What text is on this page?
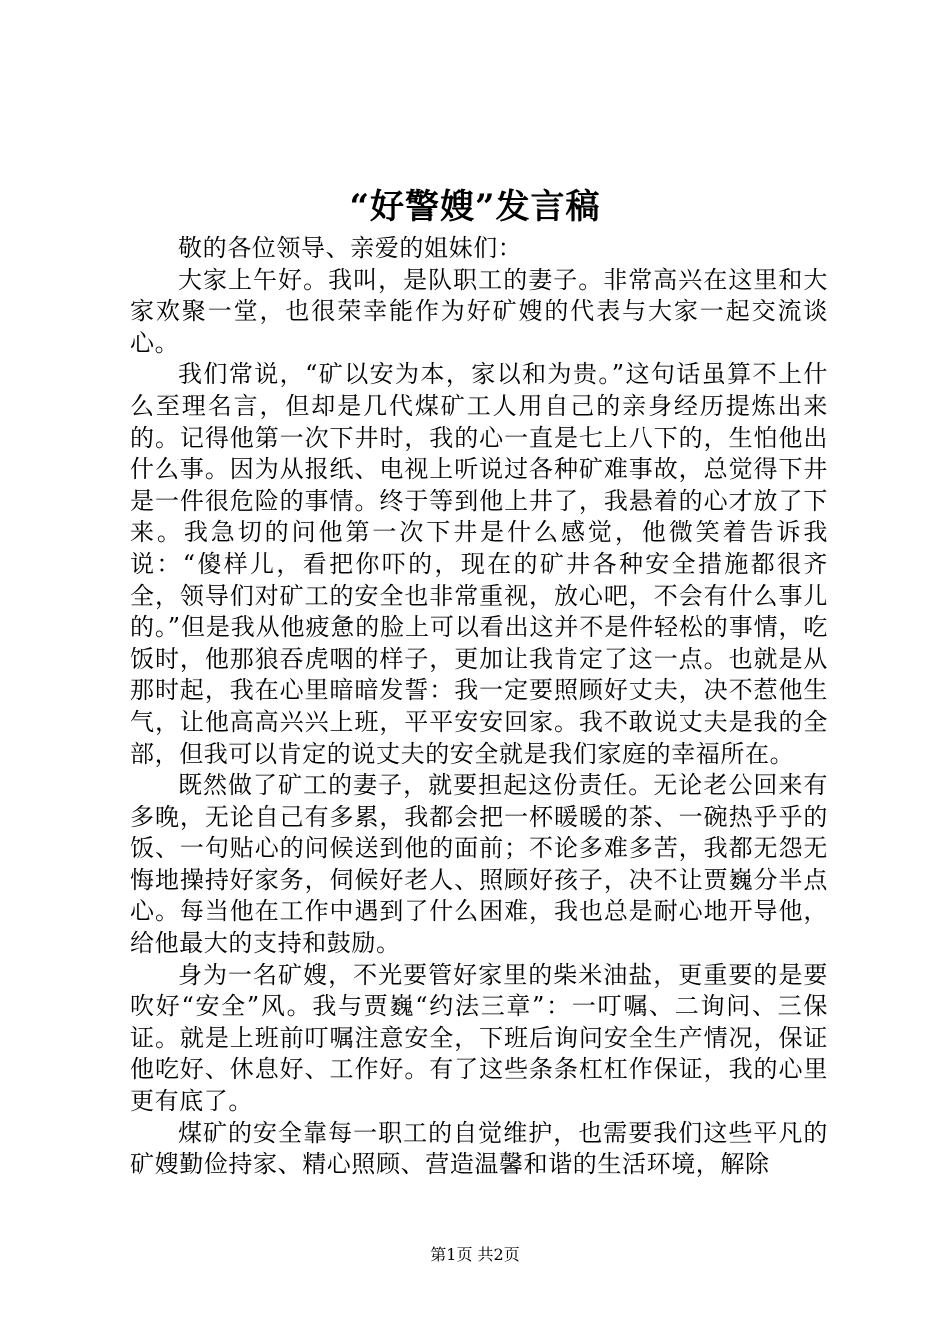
“好警嫂”发言稿

敬的各位领导、亲爱的姐妹们：

大家上午好。我叫，是队职工的妻子。非常高兴在这里和大家欢聚一堂，也很荣幸能作为好矿嫂的代表与大家一起交流谈心。

我们常说，“矿以安为本，家以和为贵。”这句话虽算不上什么至理名言，但却是几代煤矿工人用自己的亲身经历提炼出来的。记得他第一次下井时，我的心一直是七上八下的，生怕他出什么事。因为从报纸、电视上听说过各种矿难事故，总觉得下井是一件很危险的事情。终于等到他上井了，我悬着的心才放了下来。我急切的问他第一次下井是什么感觉，他微笑着告诉我说：“傻样儿，看把你吓的，现在的矿井各种安全措施都很齐全，领导们对矿工的安全也非常重视，放心吧，不会有什么事儿的。”但是我从他疲惫的脸上可以看出这并不是件轻松的事情，吃饭时，他那狼吞虎咽的样子，更加让我肯定了这一点。也就是从那时起，我在心里暗暗发誓：我一定要照顾好丈夫，决不惹他生气，让他高高兴兴上班，平平安安回家。我不敢说丈夫是我的全部，但我可以肯定的说丈夫的安全就是我们家庭的幸福所在。

既然做了矿工的妻子，就要担起这份责任。无论老公回来有多晚，无论自己有多累，我都会把一杯暖暖的茶、一碗热乎乎的饭、一句贴心的问候送到他的面前；不论多难多苦，我都无怨无悔地操持好家务，伺候好老人、照顾好孩子，决不让贾巍分半点心。每当他在工作中遇到了什么困难，我也总是耐心地开导他，给他最大的支持和鼓励。

身为一名矿嫂，不光要管好家里的柴米油盐，更重要的是要吹好“安全”风。我与贾巍“约法三章”：一叮嘱、二询问、三保证。就是上班前叮嘱注意安全，下班后询问安全生产情况，保证他吃好、休息好、工作好。有了这些条条杠杠作保证，我的心里更有底了。

煤矿的安全靠每一职工的自觉维护，也需要我们这些平凡的矿嫂勤俭持家、精心照顾、营造温馨和谐的生活环境，解除

第1页 共2页
